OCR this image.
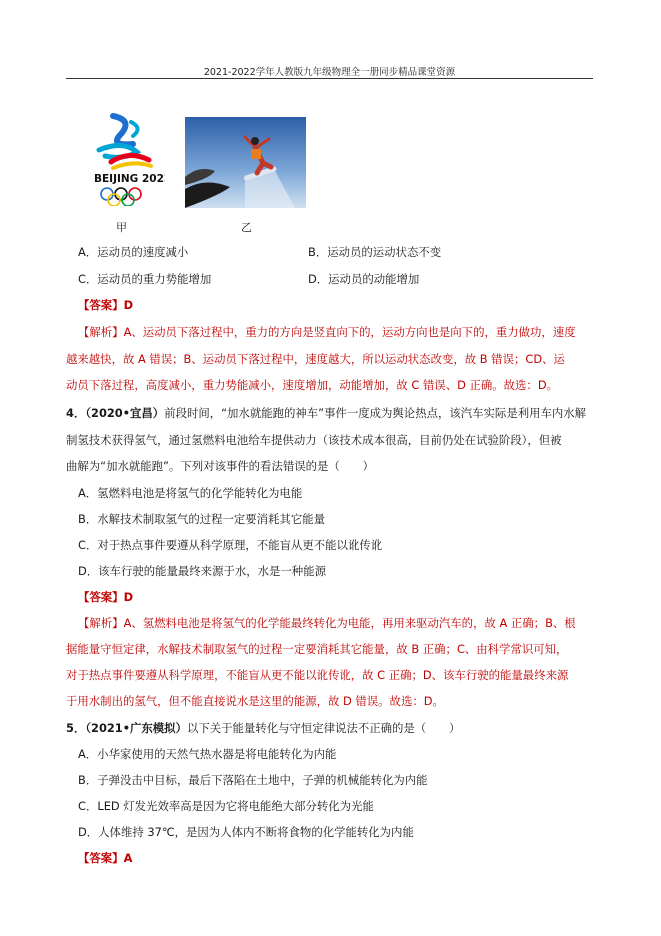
2021-2022学年人教版九年级物理全一册同步精品课堂资源
BEIJING 2022
甲	乙
A．运动员的速度减小	B．运动员的运动状态不变
C．运动员的重力势能增加	D．运动员的动能增加
【答案】D
【解析】A、运动员下落过程中，重力的方向是竖直向下的，运动方向也是向下的，重力做功，速度
越来越快，故 A 错误；B、运动员下落过程中，速度越大，所以运动状态改变，故 B 错误；CD、运
动员下落过程，高度减小，重力势能减小，速度增加，动能增加，故 C 错误、D 正确。故选：D。
4．（2020•宜昌）前段时间，“加水就能跑的神车”事件一度成为舆论热点，该汽车实际是利用车内水解
制氢技术获得氢气，通过氢燃料电池给车提供动力（该技术成本很高，目前仍处在试验阶段），但被
曲解为“加水就能跑”。下列对该事件的看法错误的是（　　）
A．氢燃料电池是将氢气的化学能转化为电能
B．水解技术制取氢气的过程一定要消耗其它能量
C．对于热点事件要遵从科学原理，不能盲从更不能以讹传讹
D．该车行驶的能量最终来源于水，水是一种能源
【答案】D
【解析】A、氢燃料电池是将氢气的化学能最终转化为电能，再用来驱动汽车的，故 A 正确；B、根
据能量守恒定律，水解技术制取氢气的过程一定要消耗其它能量，故 B 正确；C、由科学常识可知，
对于热点事件要遵从科学原理，不能盲从更不能以讹传讹，故 C 正确；D、该车行驶的能量最终来源
于用水制出的氢气，但不能直接说水是这里的能源，故 D 错误。故选：D。
5．（2021•广东模拟）以下关于能量转化与守恒定律说法不正确的是（　　）
A．小华家使用的天然气热水器是将电能转化为内能
B．子弹没击中目标，最后下落陷在土地中，子弹的机械能转化为内能
C．LED 灯发光效率高是因为它将电能绝大部分转化为光能
D．人体维持 37℃，是因为人体内不断将食物的化学能转化为内能
【答案】A
